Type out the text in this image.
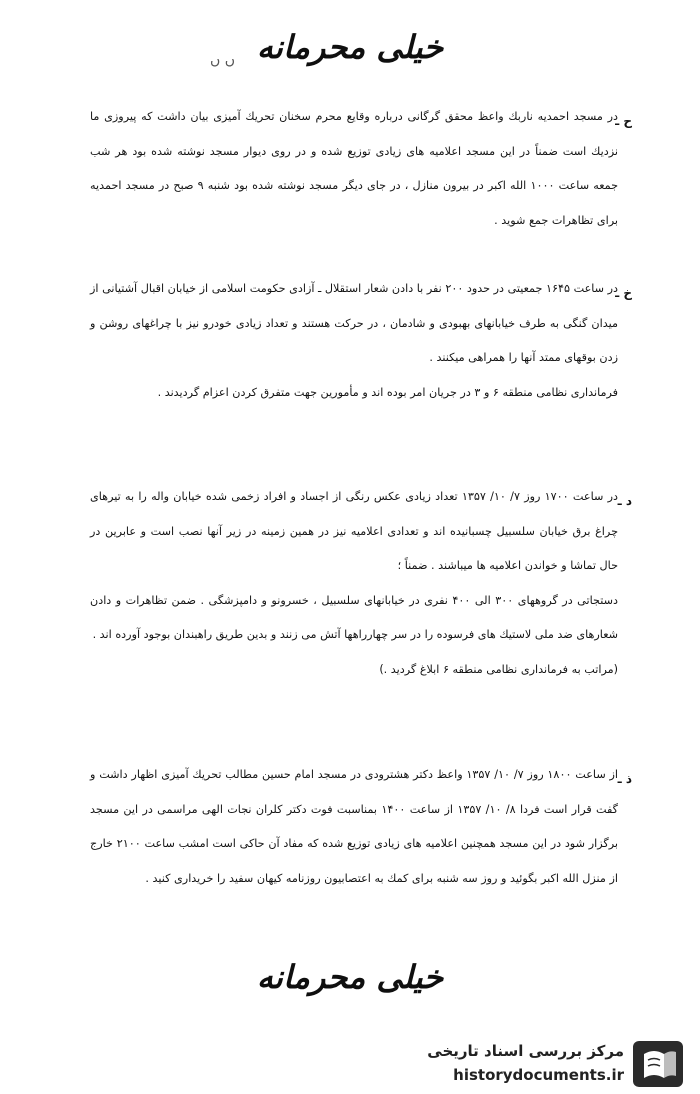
خیلی محرمانه
ں ں
ح ـ

در مسجد احمدیه ناربك واعظ محقق گرگانی درباره وقایع محرم سخنان تحریك آمیزی بیان داشت كه پیروزی ما نزدیك است ضمناً در این مسجد اعلامیه های زیادی توزیع شده و در روی دیوار مسجد نوشته شده بود هر شب جمعه ساعت ۱۰۰۰ الله اكبر در بیرون منازل ، در جای دیگر مسجد نوشته شده بود شنبه ۹ صبح در مسجد احمدیه برای تظاهرات جمع شوید .

خ ـ

در ساعت ۱۶۴۵ جمعیتی در حدود ۲۰۰ نفر با دادن شعار استقلال ـ آزادی حكومت اسلامی از خیابان اقبال آشتیانی از میدان گنگی به طرف خیابانهای بهبودی و شادمان ، در حركت هستند و تعداد زیادی خودرو نیز با چراغهای روشن و زدن بوقهای ممتد آنها را همراهی میكنند .

فرمانداری نظامی منطقه ۶ و ۳ در جریان امر بوده اند و مأمورین جهت متفرق كردن اعزام گردیدند .

د ـ

در ساعت ۱۷۰۰ روز ۷/ ۱۰/ ۱۳۵۷ تعداد زیادی عكس رنگی از اجساد و افراد زخمی شده خیابان واله را به تیرهای چراغ برق خیابان سلسبیل چسبانیده اند و تعدادی اعلامیه نیز در همین زمینه در زیر آنها نصب است و عابرین در حال تماشا و خواندن اعلامیه ها میباشند . ضمناً ؛

دستجاتی در گروههای ۳۰۰ الی ۴۰۰ نفری در خیابانهای سلسبیل ، خسرونو و دامپزشگی . ضمن تظاهرات و دادن شعارهای ضد ملی لاستیك های فرسوده را در سر چهارراهها آتش می زنند و بدین طریق راهبندان بوجود آورده اند .

(مراتب به فرمانداری نظامی منطقه ۶ ابلاغ گردید .)

ذ ـ

از ساعت ۱۸۰۰ روز ۷/ ۱۰/ ۱۳۵۷ واعظ دكتر هشترودی در مسجد امام حسین مطالب تحریك آمیزی اظهار داشت و گفت قرار است فردا ۸/ ۱۰/ ۱۳۵۷ از ساعت ۱۴۰۰ بمناسبت فوت دكتر كلران نجات الهی مراسمی در این مسجد برگزار شود در این مسجد همچنین اعلامیه های زیادی توزیع شده كه مفاد آن حاكی است امشب ساعت ۲۱۰۰ خارج از منزل الله اكبر بگوئید و روز سه شنبه برای كمك به اعتصابیون روزنامه كیهان سفید را خریداری كنید .

خیلی محرمانه
مرکز بررسی اسناد تاریخی
historydocuments.ir
